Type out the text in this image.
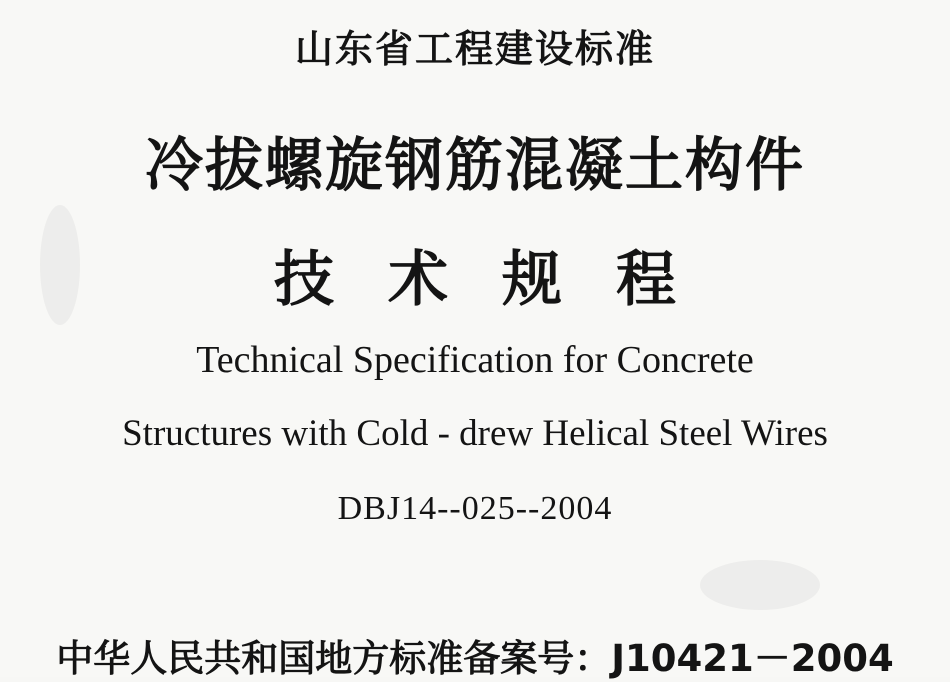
山东省工程建设标准
冷拔螺旋钢筋混凝土构件
技术规程
Technical Specification for Concrete
Structures with Cold - drew Helical Steel Wires
DBJ14--025--2004
中华人民共和国地方标准备案号：J10421－2004
